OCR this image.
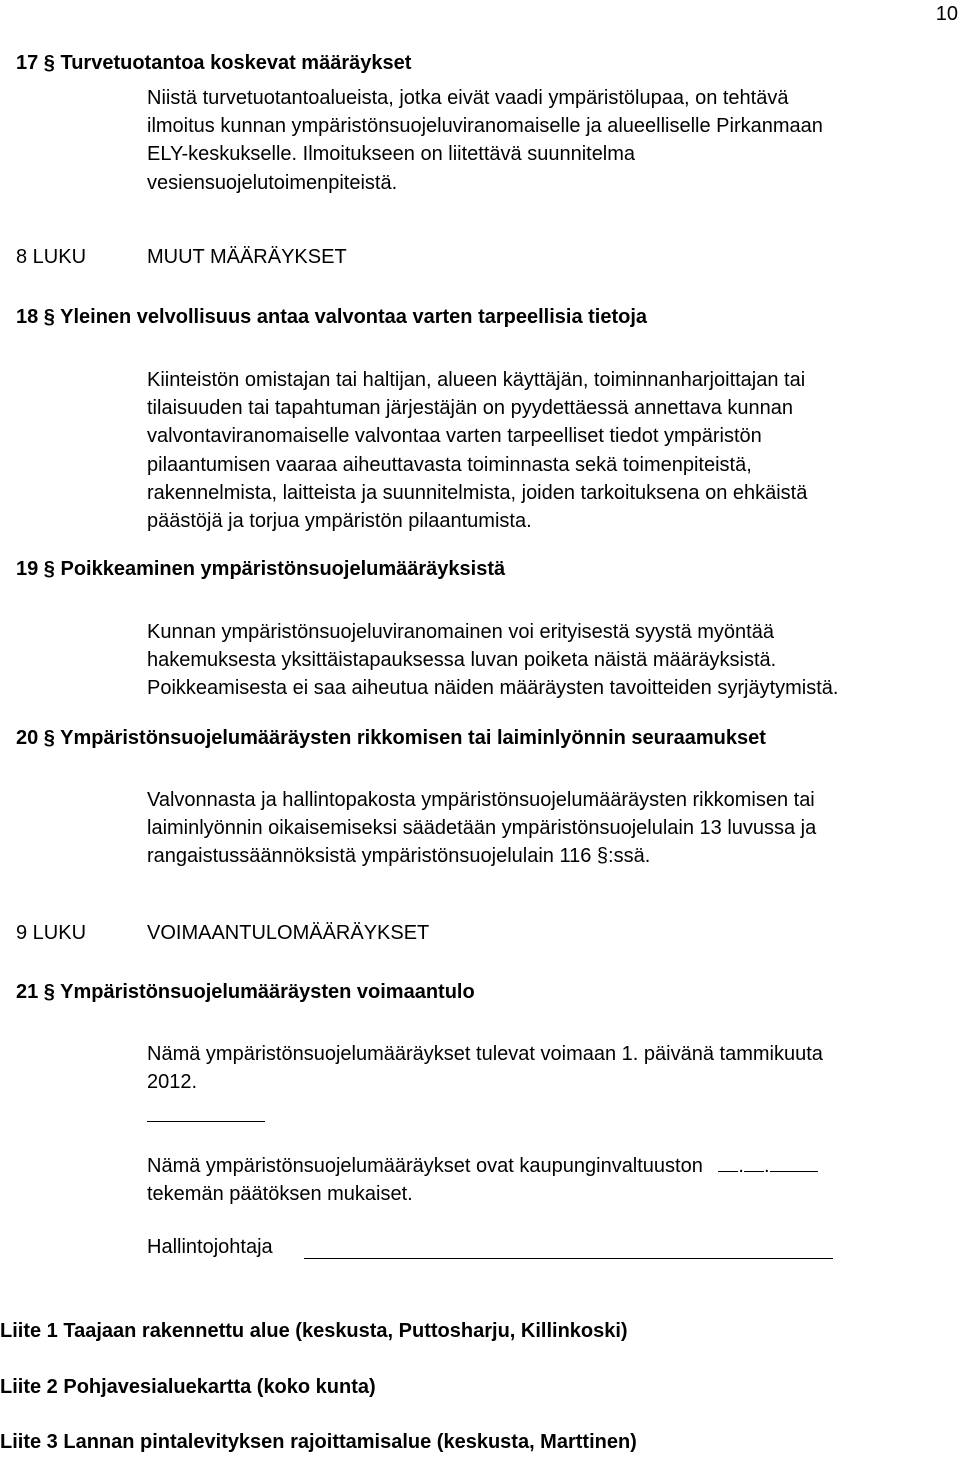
10
17 § Turvetuotantoa koskevat määräykset
Niistä turvetuotantoalueista, jotka eivät vaadi ympäristölupaa, on tehtävä
ilmoitus kunnan ympäristönsuojeluviranomaiselle ja alueelliselle Pirkanmaan
ELY-keskukselle. Ilmoitukseen on liitettävä suunnitelma
vesiensuojelutoimenpiteistä.
8 LUKU	MUUT MÄÄRÄYKSET
18 § Yleinen velvollisuus antaa valvontaa varten tarpeellisia tietoja
Kiinteistön omistajan tai haltijan, alueen käyttäjän, toiminnanharjoittajan tai
tilaisuuden tai tapahtuman järjestäjän on pyydettäessä annettava kunnan
valvontaviranomaiselle valvontaa varten tarpeelliset tiedot ympäristön
pilaantumisen vaaraa aiheuttavasta toiminnasta sekä toimenpiteistä,
rakennelmista, laitteista ja suunnitelmista, joiden tarkoituksena on ehkäistä
päästöjä ja torjua ympäristön pilaantumista.
19 § Poikkeaminen ympäristönsuojelumääräyksistä
Kunnan ympäristönsuojeluviranomainen voi erityisestä syystä myöntää
hakemuksesta yksittäistapauksessa luvan poiketa näistä määräyksistä.
Poikkeamisesta ei saa aiheutua näiden määräysten tavoitteiden syrjäytymistä.
20 § Ympäristönsuojelumääräysten rikkomisen tai laiminlyönnin seuraamukset
Valvonnasta ja hallintopakosta ympäristönsuojelumääräysten rikkomisen tai
laiminlyönnin oikaisemiseksi säädetään ympäristönsuojelulain 13 luvussa ja
rangaistussäännöksistä ympäristönsuojelulain 116 §:ssä.
9 LUKU	VOIMAANTULOMÄÄRÄYKSET
21 § Ympäristönsuojelumääräysten voimaantulo
Nämä ympäristönsuojelumääräykset tulevat voimaan 1. päivänä tammikuuta
2012.
Nämä ympäristönsuojelumääräykset ovat kaupunginvaltuuston . .
tekemän päätöksen mukaiset.
Hallintojohtaja
Liite 1 Taajaan rakennettu alue (keskusta, Puttosharju, Killinkoski)
Liite 2 Pohjavesialuekartta (koko kunta)
Liite 3 Lannan pintalevityksen rajoittamisalue (keskusta, Marttinen)
